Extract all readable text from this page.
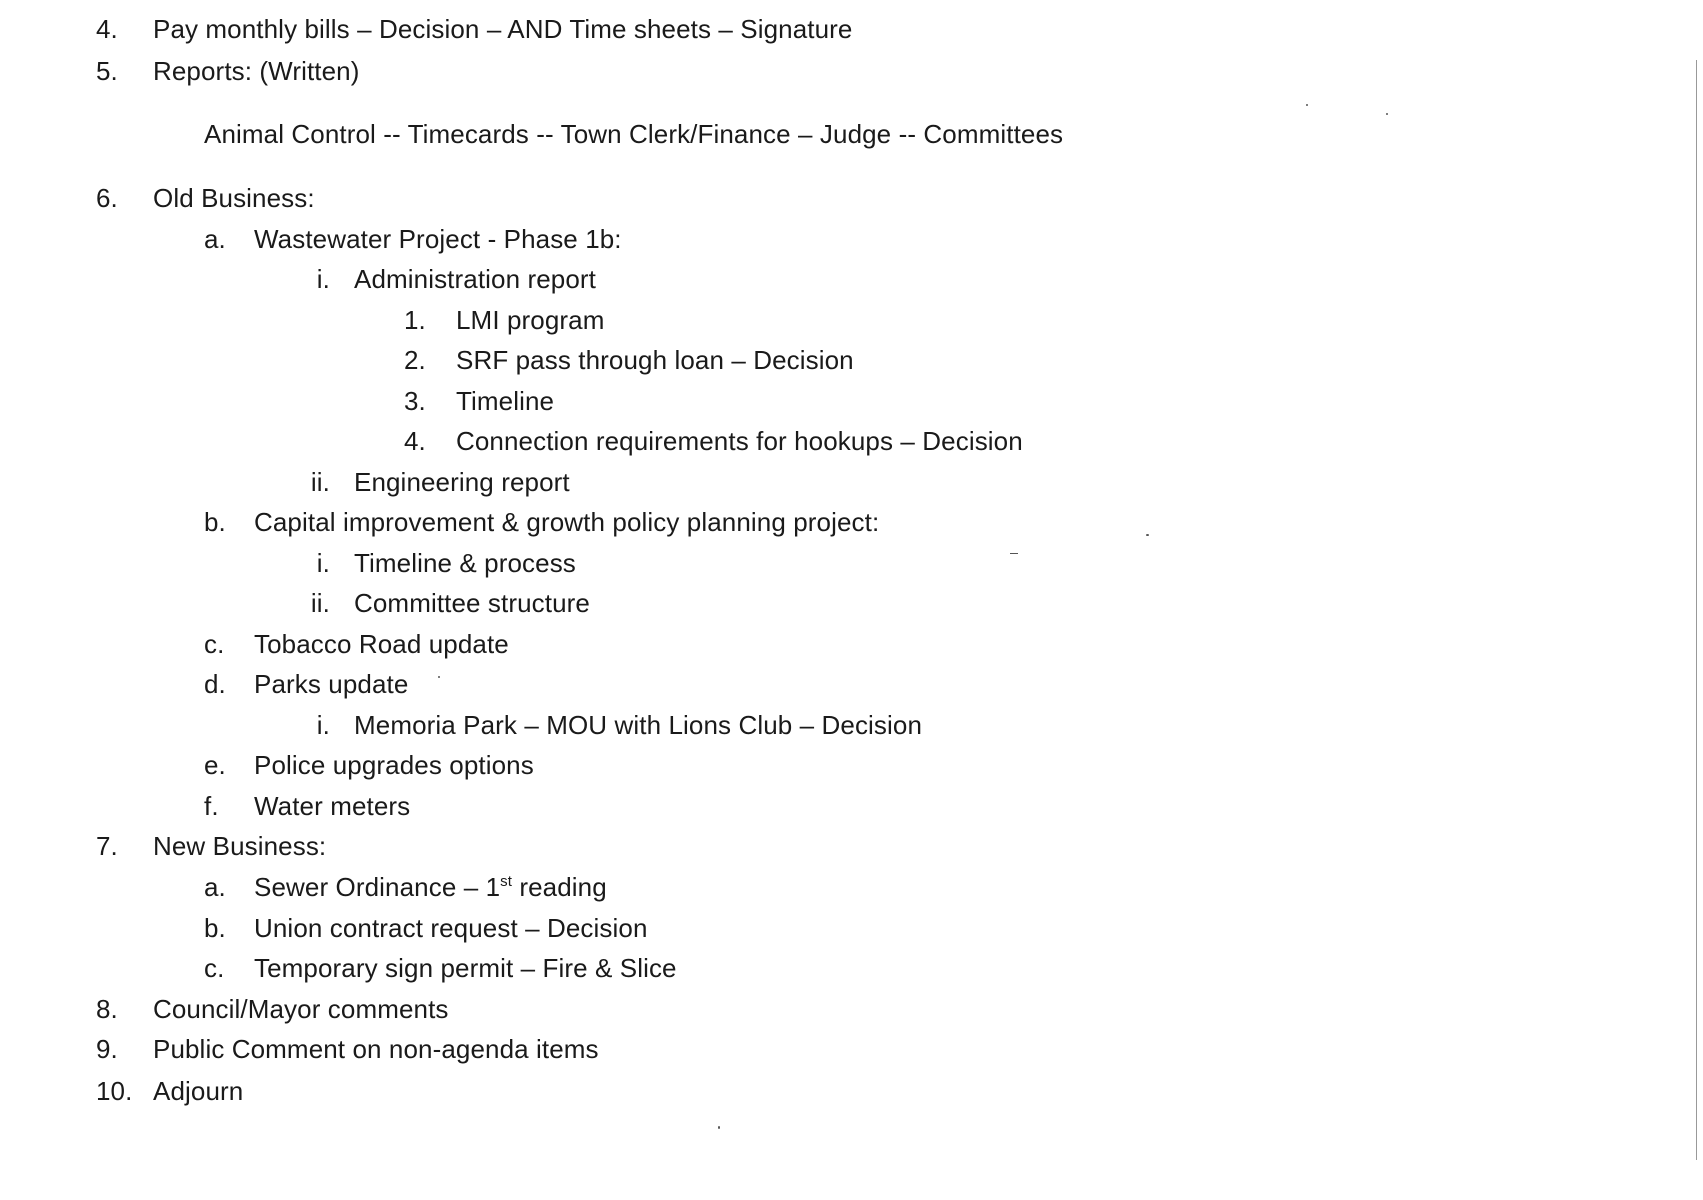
4.	Pay monthly bills – Decision – AND Time sheets – Signature
5.	Reports: (Written)
Animal Control -- Timecards -- Town Clerk/Finance – Judge -- Committees
6.	Old Business:
a. Wastewater Project - Phase 1b:
i. Administration report
1. LMI program
2. SRF pass through loan – Decision
3. Timeline
4. Connection requirements for hookups – Decision
ii. Engineering report
b. Capital improvement & growth policy planning project:
i. Timeline & process
ii. Committee structure
c. Tobacco Road update
d. Parks update
i. Memoria Park – MOU with Lions Club – Decision
e. Police upgrades options
f.	Water meters
7.	New Business:
a. Sewer Ordinance – 1st reading
b. Union contract request – Decision
c. Temporary sign permit – Fire & Slice
8.	Council/Mayor comments
9.	Public Comment on non-agenda items
10. Adjourn
